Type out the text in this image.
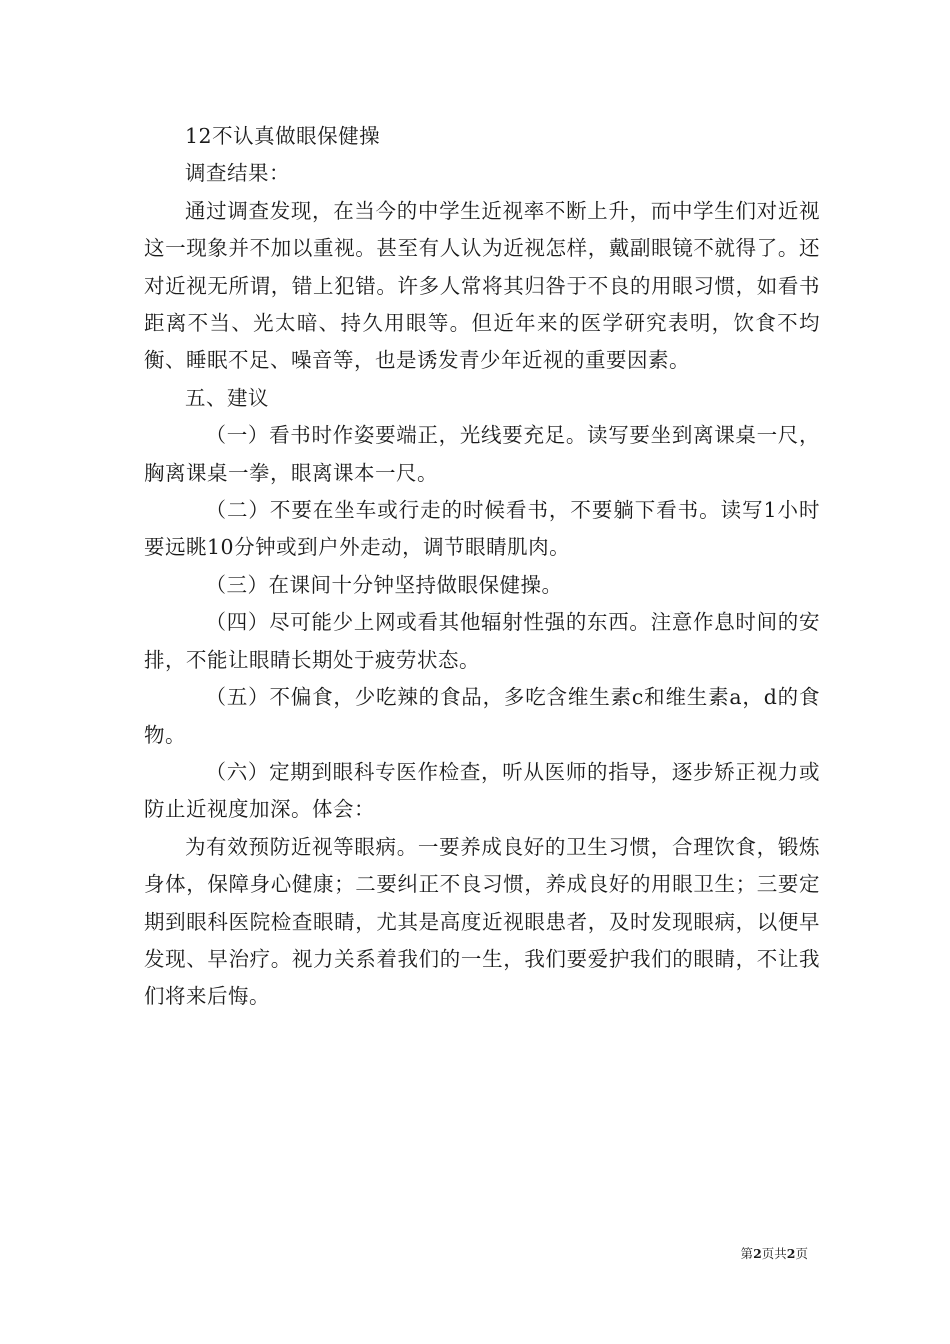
12不认真做眼保健操

调查结果：

通过调查发现，在当今的中学生近视率不断上升，而中学生们对近视这一现象并不加以重视。甚至有人认为近视怎样，戴副眼镜不就得了。还对近视无所谓，错上犯错。许多人常将其归咎于不良的用眼习惯，如看书距离不当、光太暗、持久用眼等。但近年来的医学研究表明，饮食不均衡、睡眠不足、噪音等，也是诱发青少年近视的重要因素。

五、建议

（一）看书时作姿要端正，光线要充足。读写要坐到离课桌一尺，胸离课桌一拳，眼离课本一尺。

（二）不要在坐车或行走的时候看书，不要躺下看书。读写1小时要远眺10分钟或到户外走动，调节眼睛肌肉。

（三）在课间十分钟坚持做眼保健操。

（四）尽可能少上网或看其他辐射性强的东西。注意作息时间的安排，不能让眼睛长期处于疲劳状态。

（五）不偏食，少吃辣的食品，多吃含维生素c和维生素a，d的食物。

（六）定期到眼科专医作检查，听从医师的指导，逐步矫正视力或防止近视度加深。体会：

为有效预防近视等眼病。一要养成良好的卫生习惯，合理饮食，锻炼身体，保障身心健康；二要纠正不良习惯，养成良好的用眼卫生；三要定期到眼科医院检查眼睛，尤其是高度近视眼患者，及时发现眼病，以便早发现、早治疗。视力关系着我们的一生，我们要爱护我们的眼睛，不让我们将来后悔。

第2页共2页
